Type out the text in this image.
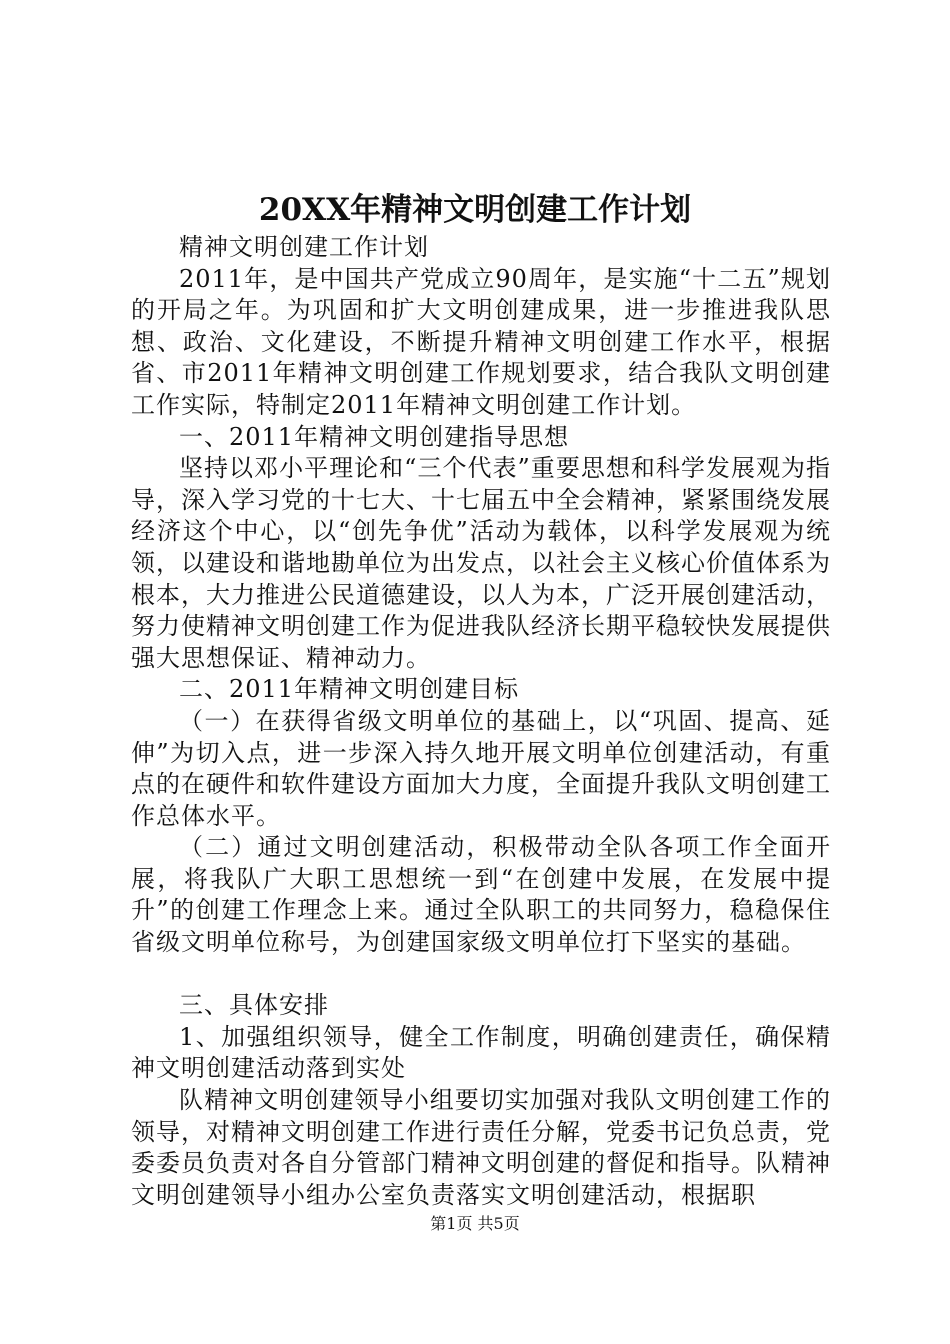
20XX年精神文明创建工作计划

精神文明创建工作计划

2011年，是中国共产党成立90周年，是实施“十二五”规划的开局之年。为巩固和扩大文明创建成果，进一步推进我队思想、政治、文化建设，不断提升精神文明创建工作水平，根据省、市2011年精神文明创建工作规划要求，结合我队文明创建工作实际，特制定2011年精神文明创建工作计划。

一、2011年精神文明创建指导思想

坚持以邓小平理论和“三个代表”重要思想和科学发展观为指导，深入学习党的十七大、十七届五中全会精神，紧紧围绕发展经济这个中心，以“创先争优”活动为载体，以科学发展观为统领，以建设和谐地勘单位为出发点，以社会主义核心价值体系为根本，大力推进公民道德建设，以人为本，广泛开展创建活动，努力使精神文明创建工作为促进我队经济长期平稳较快发展提供强大思想保证、精神动力。

二、2011年精神文明创建目标

（一）在获得省级文明单位的基础上，以“巩固、提高、延伸”为切入点，进一步深入持久地开展文明单位创建活动，有重点的在硬件和软件建设方面加大力度，全面提升我队文明创建工作总体水平。

（二）通过文明创建活动，积极带动全队各项工作全面开展，将我队广大职工思想统一到“在创建中发展，在发展中提升”的创建工作理念上来。通过全队职工的共同努力，稳稳保住省级文明单位称号，为创建国家级文明单位打下坚实的基础。

三、具体安排

1、加强组织领导，健全工作制度，明确创建责任，确保精神文明创建活动落到实处

队精神文明创建领导小组要切实加强对我队文明创建工作的领导，对精神文明创建工作进行责任分解，党委书记负总责，党委委员负责对各自分管部门精神文明创建的督促和指导。队精神文明创建领导小组办公室负责落实文明创建活动，根据职

第1页 共5页
